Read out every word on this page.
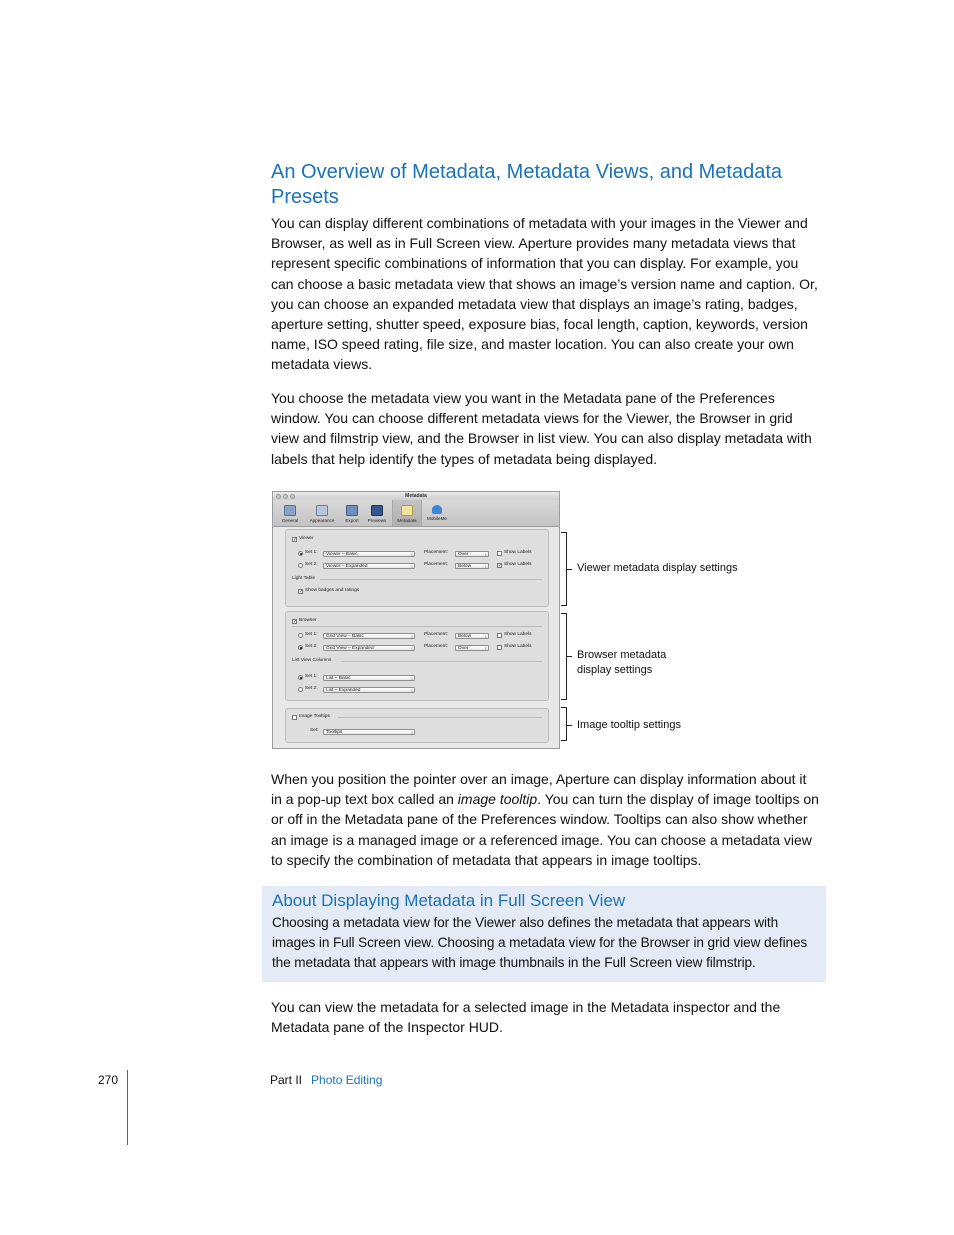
An Overview of Metadata, Metadata Views, and Metadata Presets

You can display different combinations of metadata with your images in the Viewer and Browser, as well as in Full Screen view. Aperture provides many metadata views that represent specific combinations of information that you can display. For example, you can choose a basic metadata view that shows an image’s version name and caption. Or, you can choose an expanded metadata view that displays an image’s rating, badges, aperture setting, shutter speed, exposure bias, focal length, caption, keywords, version name, ISO speed rating, file size, and master location. You can also create your own metadata views.

You choose the metadata view you want in the Metadata pane of the Preferences window. You can choose different metadata views for the Viewer, the Browser in grid view and filmstrip view, and the Browser in list view. You can also display metadata with labels that help identify the types of metadata being displayed.

Metadata
General	Appearance	Export	Previews	Metadata	MobileMe
✓ Viewer
Set 1:	Viewer – Basic ↕	Placement:	Over ↕	Show Labels
Set 2:	Viewer – Expanded ↕	Placement:	Below ↕	✓ Show Labels
Light Table
✓ Show badges and ratings
✓ Browser
Set 1:	Grid View – Basic ↕	Placement:	Below ↕	Show Labels
Set 2:	Grid View – Expanded ↕	Placement:	Over ↕	Show Labels
List View Columns
Set 1:	List – Basic ↕
Set 2:	List – Expanded ↕
Image Tooltips
Set:	Tooltips ↕
Viewer metadata display settings
Browser metadata display settings
Image tooltip settings

When you position the pointer over an image, Aperture can display information about it in a pop-up text box called an image tooltip. You can turn the display of image tooltips on or off in the Metadata pane of the Preferences window. Tooltips can also show whether an image is a managed image or a referenced image. You can choose a metadata view to specify the combination of metadata that appears in image tooltips.

About Displaying Metadata in Full Screen View

Choosing a metadata view for the Viewer also defines the metadata that appears with images in Full Screen view. Choosing a metadata view for the Browser in grid view defines the metadata that appears with image thumbnails in the Full Screen view filmstrip.

You can view the metadata for a selected image in the Metadata inspector and the Metadata pane of the Inspector HUD.

270	Part II Photo Editing
